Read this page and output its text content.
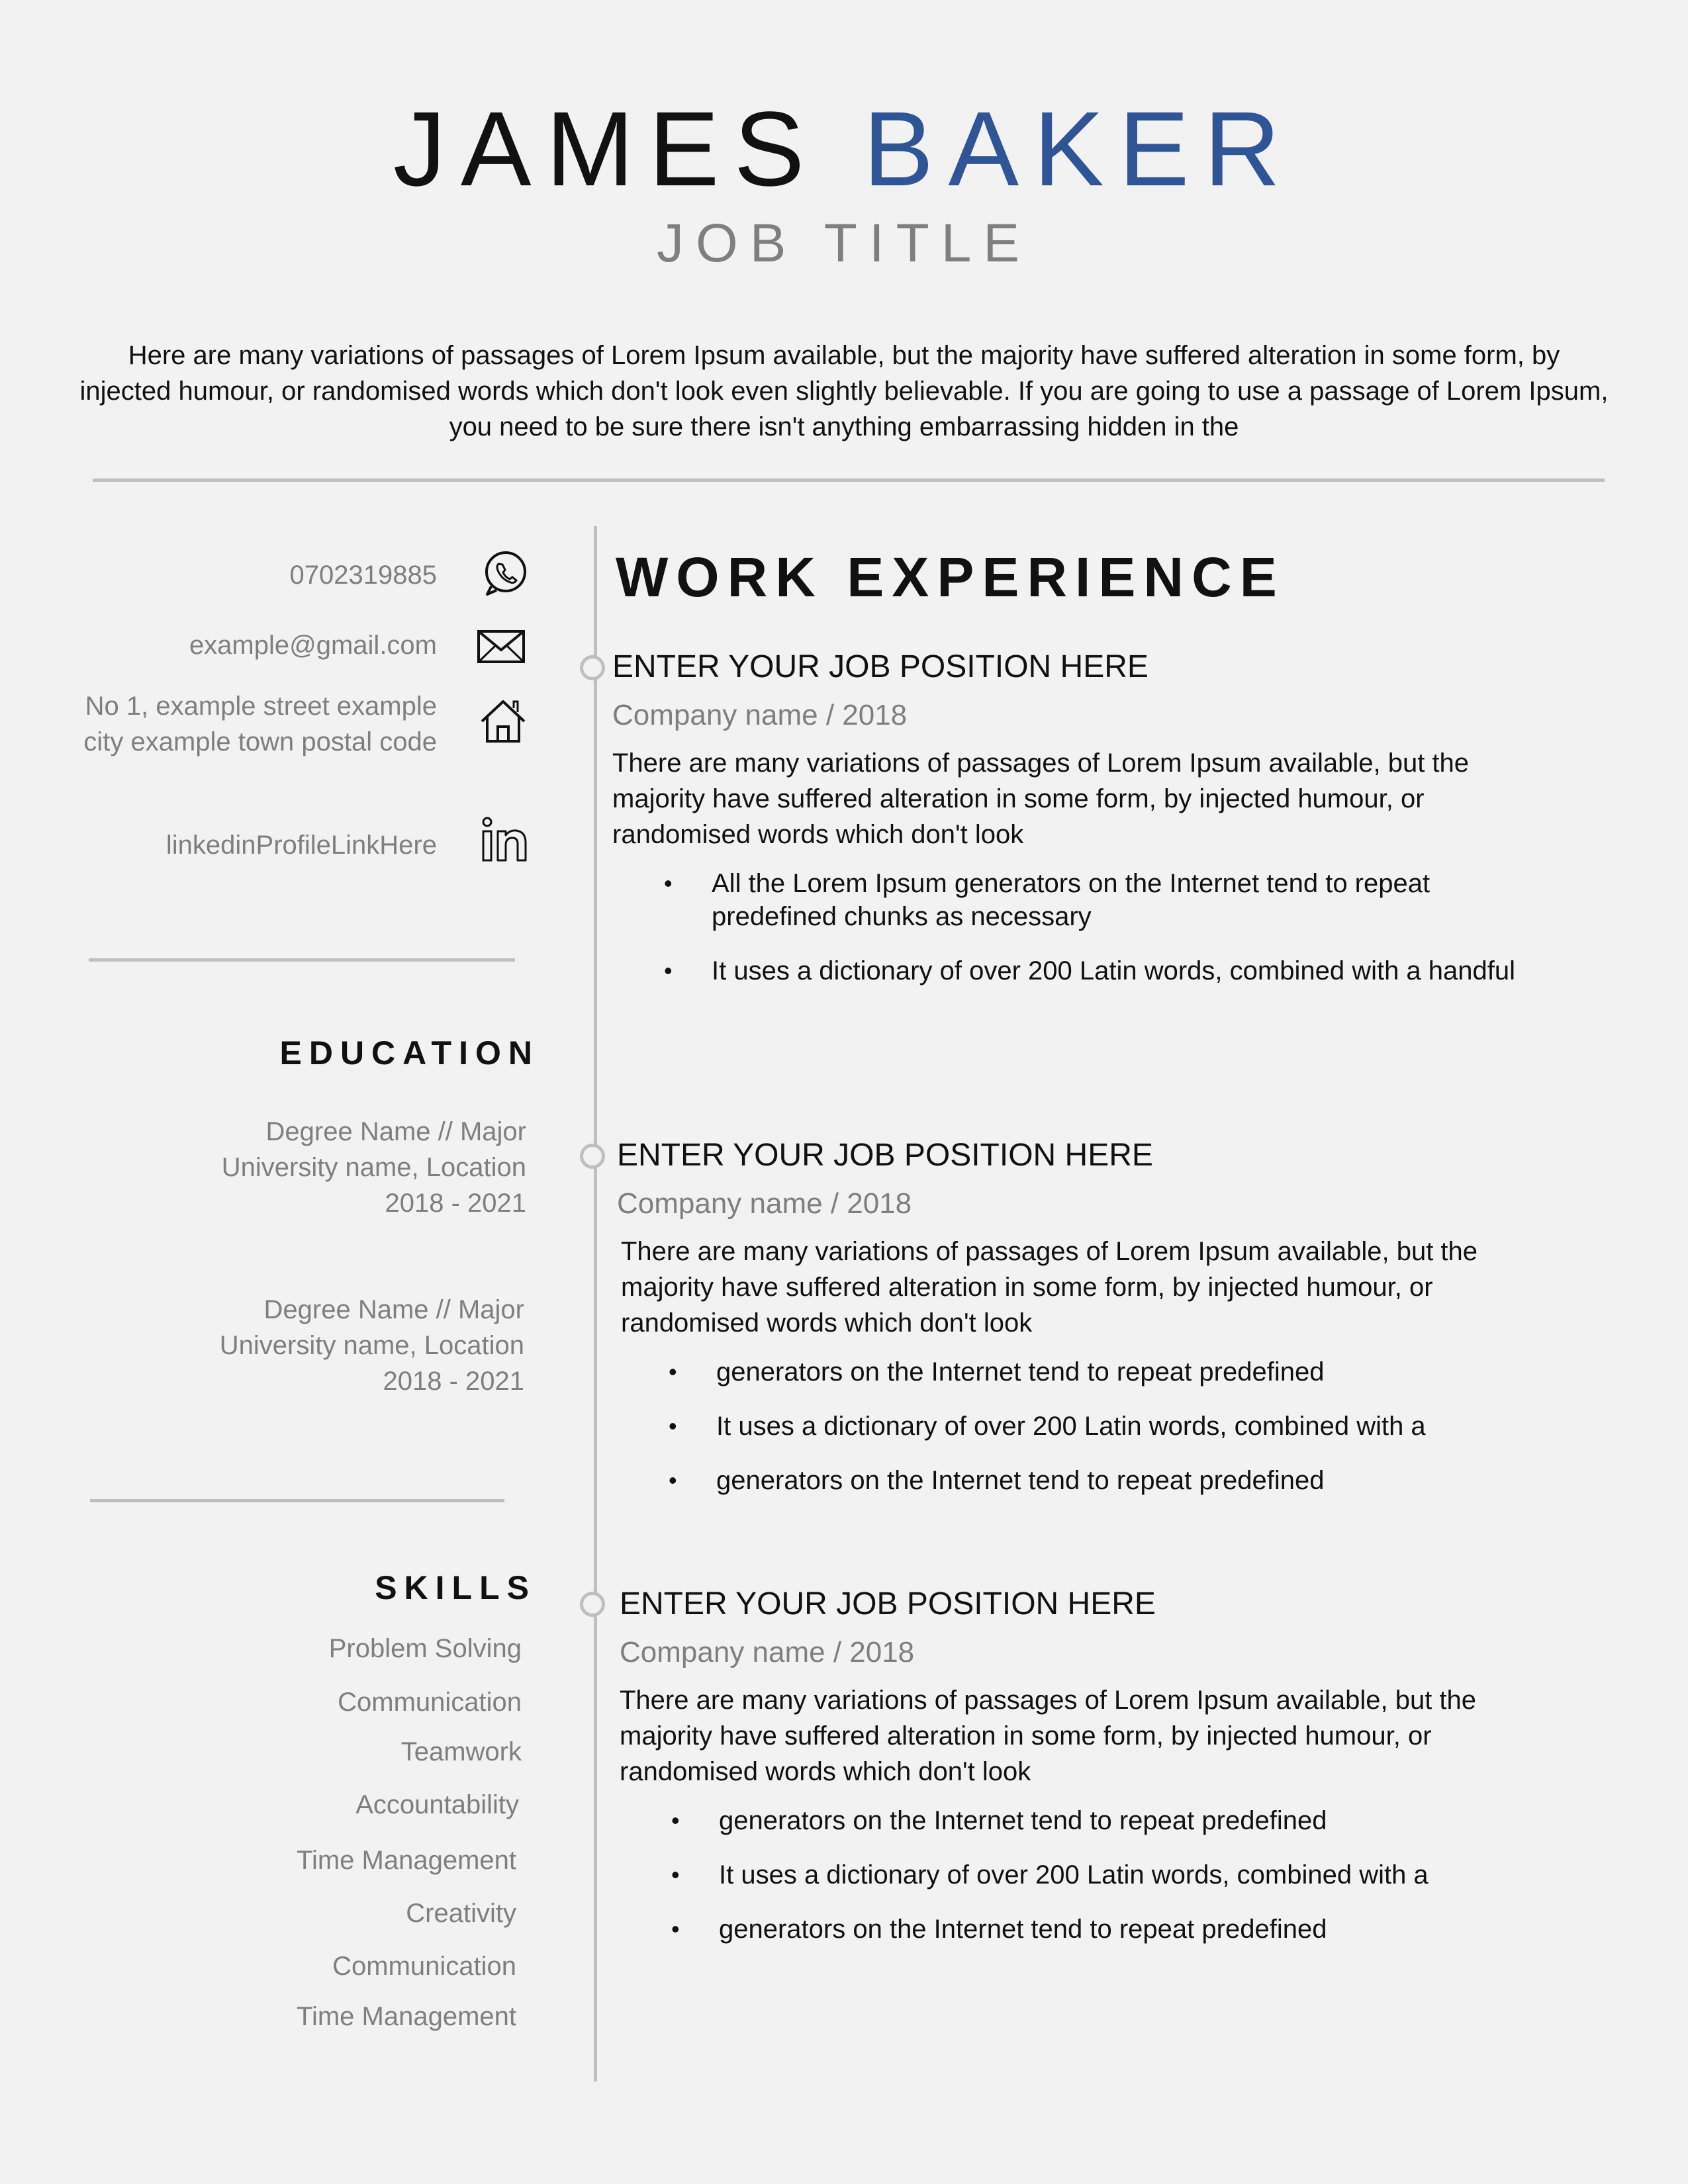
JAMES BAKER
JOB TITLE
Here are many variations of passages of Lorem Ipsum available, but the majority have suffered alteration in some form, by injected humour, or randomised words which don't look even slightly believable. If you are going to use a passage of Lorem Ipsum, you need to be sure there isn't anything embarrassing hidden in the
0702319885
example@gmail.com
No 1, example street example
city example town postal code
linkedinProfileLinkHere
EDUCATION
Degree Name // Major
University name, Location
2018 - 2021
Degree Name // Major
University name, Location
2018 - 2021
SKILLS
Problem Solving
Communication
Teamwork
Accountability
Time Management
Creativity
Communication
Time Management
WORK EXPERIENCE
ENTER YOUR JOB POSITION HERE
Company name / 2018
There are many variations of passages of Lorem Ipsum available, but the majority have suffered alteration in some form, by injected humour, or randomised words which don't look
• All the Lorem Ipsum generators on the Internet tend to repeat predefined chunks as necessary
• It uses a dictionary of over 200 Latin words, combined with a handful
ENTER YOUR JOB POSITION HERE
Company name / 2018
There are many variations of passages of Lorem Ipsum available, but the majority have suffered alteration in some form, by injected humour, or randomised words which don't look
• generators on the Internet tend to repeat predefined
• It uses a dictionary of over 200 Latin words, combined with a
• generators on the Internet tend to repeat predefined
ENTER YOUR JOB POSITION HERE
Company name / 2018
There are many variations of passages of Lorem Ipsum available, but the majority have suffered alteration in some form, by injected humour, or randomised words which don't look
• generators on the Internet tend to repeat predefined
• It uses a dictionary of over 200 Latin words, combined with a
• generators on the Internet tend to repeat predefined
